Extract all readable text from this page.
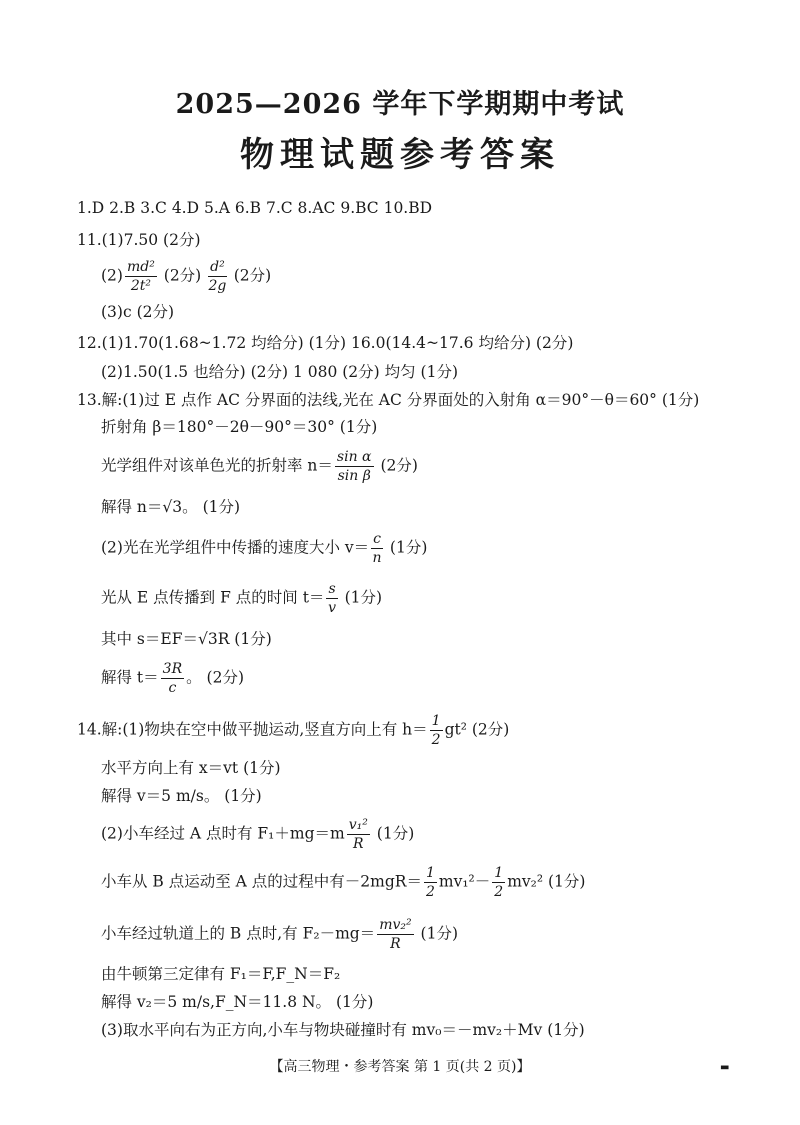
2025—2026 学年下学期期中考试
物理试题参考答案
1.D 2.B 3.C 4.D 5.A 6.B 7.C 8.AC 9.BC 10.BD
11.(1)7.50 (2分)
$(2) \frac{\text{md²}}{\text{2t²}} (2$分) $\frac{\text{d²}}{2g} (2$分)
(3)c (2分)
12.(1)1.70(1.68~1.72 均给分) (1分) 16.0(14.4~17.6 均给分) (2分)
(2)1.50(1.5 也给分) (2分) 1 080 (2分) 均匀 (1分)
13.解:(1)过 E 点作 AC 分界面的法线,光在 AC 分界面处的入射角 α＝90°－θ＝60° (1分)
折射角 β＝180°－2θ－90°＝30° (1分)
光学组件对该单色光的折射率 $n= \frac{\text{sin α}}{\text{sin β}} (2$分)
解得 n＝√3。 (1分)
(2)光在光学组件中传播的速度大小 $v= \frac{c}{n} (1$分)
光从 E 点传播到 F 点的时间 $t= \frac{s}{v} (1$分)
其中 s＝EF＝√3R (1分)
解得 $t= \frac{3R}{c}$ 。 (2分)
14.解:(1)物块在空中做平抛运动,竖直方向上有 $h= \frac{1}{2} gt^2$ (2分)
水平方向上有 x＝vt (1分)
解得 v＝5 m/s。 (1分)
(2)小车经过 A 点时有 $F_1+mg=m \frac{\text{v₁²}}{R} (1$分)
小车从 B 点运动至 A 点的过程中有$-2mgR= \frac{1}{2} mv_1^2- \frac{1}{2} mv_2^2$ (1分)
小车经过轨道上的 B 点时,有 $F_2-mg= \frac{\text{mv₂²}}{R} (1$分)
由牛顿第三定律有 F₁＝F,F_N＝F₂
解得 v₂＝5 m/s,F_N＝11.8 N。 (1分)
(3)取水平向右为正方向,小车与物块碰撞时有 mv₀＝－mv₂＋Mv (1分)
【高三物理・参考答案 第 1 页(共 2 页)】	▬
